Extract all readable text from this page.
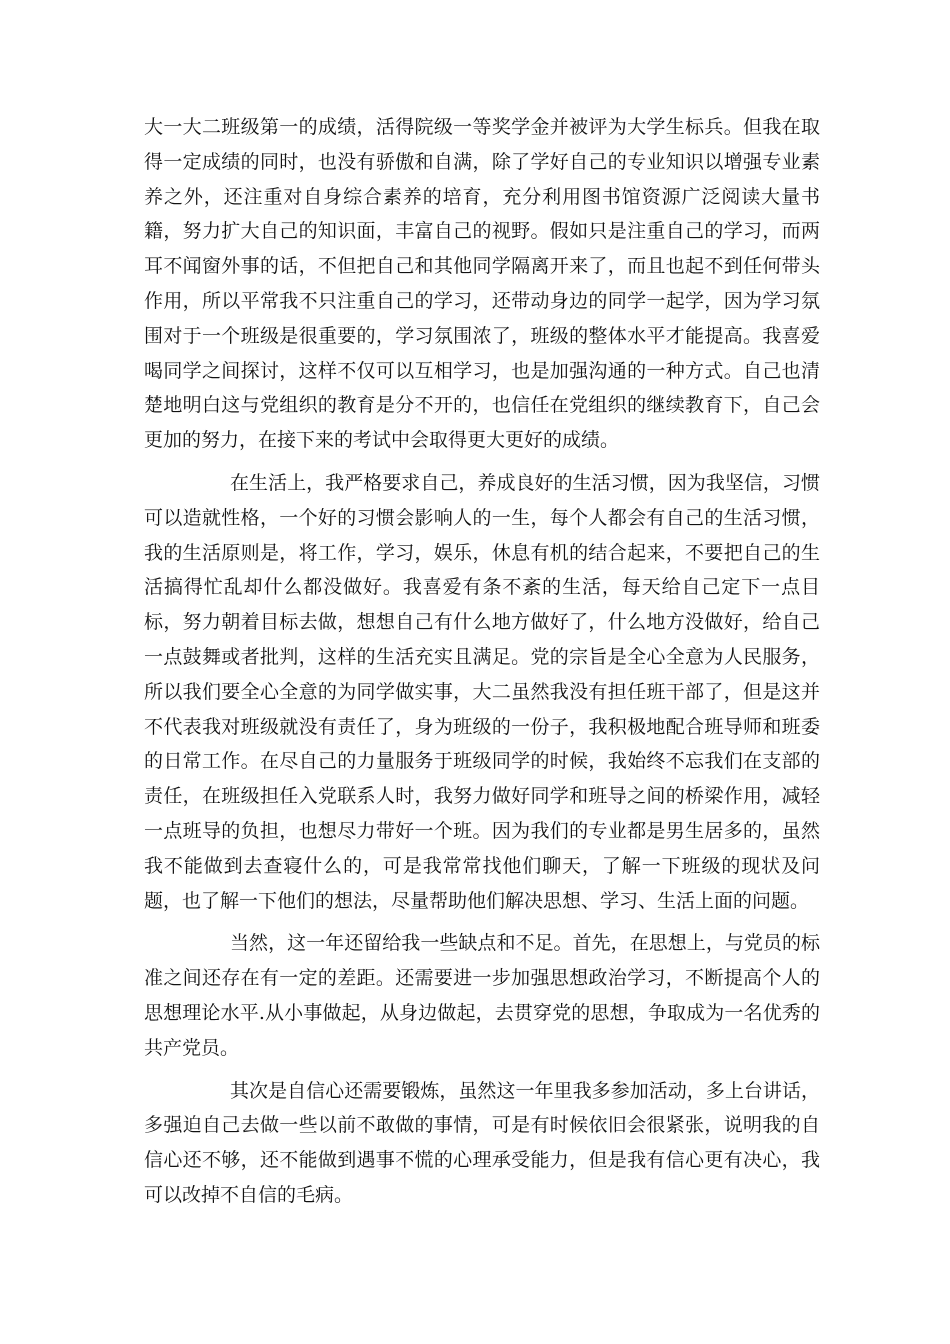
大一大二班级第一的成绩，活得院级一等奖学金并被评为大学生标兵。但我在取得一定成绩的同时，也没有骄傲和自满，除了学好自己的专业知识以增强专业素养之外，还注重对自身综合素养的培育，充分利用图书馆资源广泛阅读大量书籍，努力扩大自己的知识面，丰富自己的视野。假如只是注重自己的学习，而两耳不闻窗外事的话，不但把自己和其他同学隔离开来了，而且也起不到任何带头作用，所以平常我不只注重自己的学习，还带动身边的同学一起学，因为学习氛围对于一个班级是很重要的，学习氛围浓了，班级的整体水平才能提高。我喜爱喝同学之间探讨，这样不仅可以互相学习，也是加强沟通的一种方式。自己也清楚地明白这与党组织的教育是分不开的，也信任在党组织的继续教育下，自己会更加的努力，在接下来的考试中会取得更大更好的成绩。

在生活上，我严格要求自己，养成良好的生活习惯，因为我坚信，习惯可以造就性格，一个好的习惯会影响人的一生，每个人都会有自己的生活习惯，我的生活原则是，将工作，学习，娱乐，休息有机的结合起来，不要把自己的生活搞得忙乱却什么都没做好。我喜爱有条不紊的生活，每天给自己定下一点目标，努力朝着目标去做，想想自己有什么地方做好了，什么地方没做好，给自己一点鼓舞或者批判，这样的生活充实且满足。党的宗旨是全心全意为人民服务，所以我们要全心全意的为同学做实事，大二虽然我没有担任班干部了，但是这并不代表我对班级就没有责任了，身为班级的一份子，我积极地配合班导师和班委的日常工作。在尽自己的力量服务于班级同学的时候，我始终不忘我们在支部的责任，在班级担任入党联系人时，我努力做好同学和班导之间的桥梁作用，减轻一点班导的负担，也想尽力带好一个班。因为我们的专业都是男生居多的，虽然我不能做到去查寝什么的，可是我常常找他们聊天，了解一下班级的现状及问题，也了解一下他们的想法，尽量帮助他们解决思想、学习、生活上面的问题。

当然，这一年还留给我一些缺点和不足。首先，在思想上，与党员的标准之间还存在有一定的差距。还需要进一步加强思想政治学习，不断提高个人的思想理论水平.从小事做起，从身边做起，去贯穿党的思想，争取成为一名优秀的共产党员。

其次是自信心还需要锻炼，虽然这一年里我多参加活动，多上台讲话，多强迫自己去做一些以前不敢做的事情，可是有时候依旧会很紧张，说明我的自信心还不够，还不能做到遇事不慌的心理承受能力，但是我有信心更有决心，我可以改掉不自信的毛病。
